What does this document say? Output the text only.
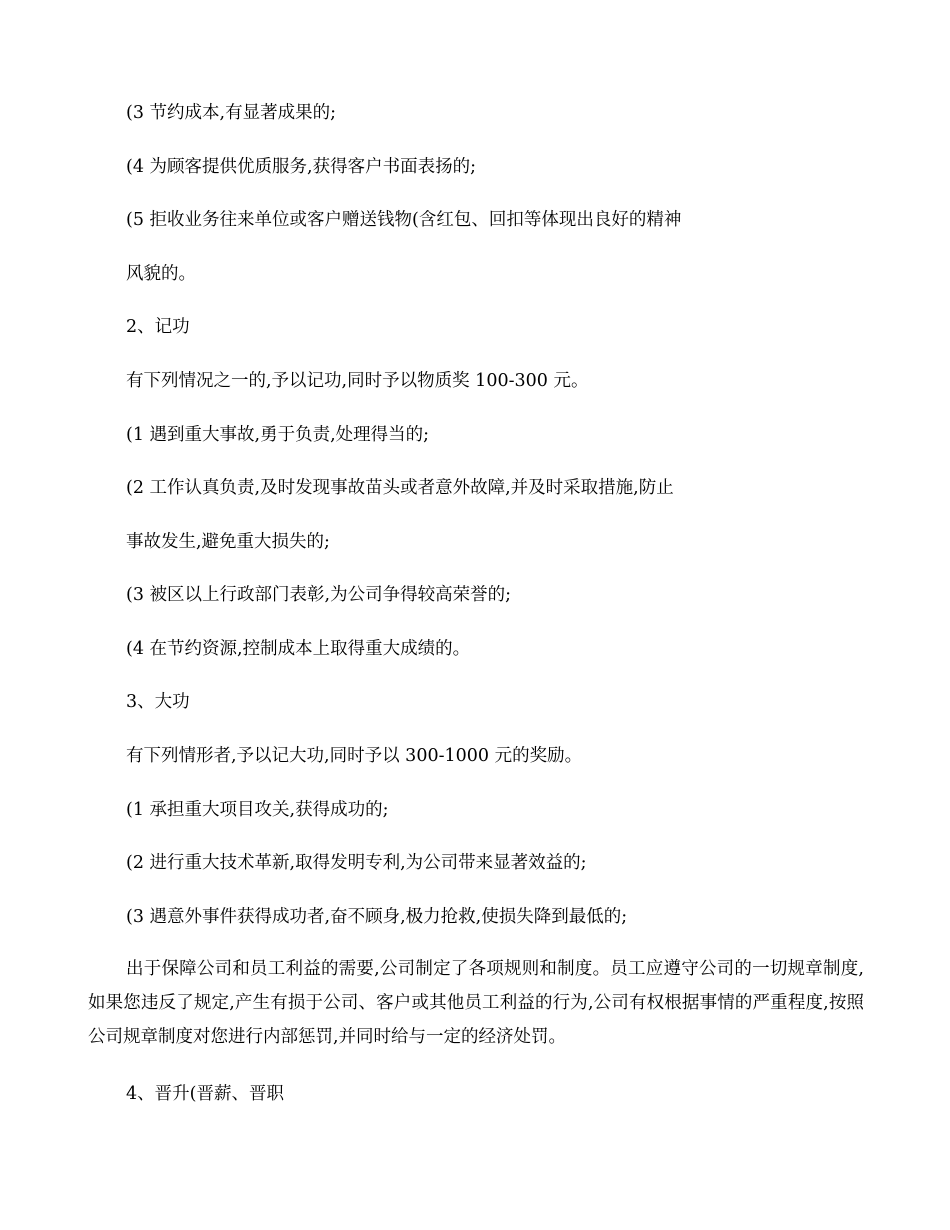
(3 节约成本,有显著成果的;
(4 为顾客提供优质服务,获得客户书面表扬的;
(5 拒收业务往来单位或客户赠送钱物(含红包、回扣等体现出良好的精神
风貌的。
2、记功
有下列情况之一的,予以记功,同时予以物质奖 100-300 元。
(1 遇到重大事故,勇于负责,处理得当的;
(2 工作认真负责,及时发现事故苗头或者意外故障,并及时采取措施,防止
事故发生,避免重大损失的;
(3 被区以上行政部门表彰,为公司争得较高荣誉的;
(4 在节约资源,控制成本上取得重大成绩的。
3、大功
有下列情形者,予以记大功,同时予以 300-1000 元的奖励。
(1 承担重大项目攻关,获得成功的;
(2 进行重大技术革新,取得发明专利,为公司带来显著效益的;
(3 遇意外事件获得成功者,奋不顾身,极力抢救,使损失降到最低的;
出于保障公司和员工利益的需要,公司制定了各项规则和制度。员工应遵守公司的一切规章制度,如果您违反了规定,产生有损于公司、客户或其他员工利益的行为,公司有权根据事情的严重程度,按照公司规章制度对您进行内部惩罚,并同时给与一定的经济处罚。
4、晋升(晋薪、晋职
